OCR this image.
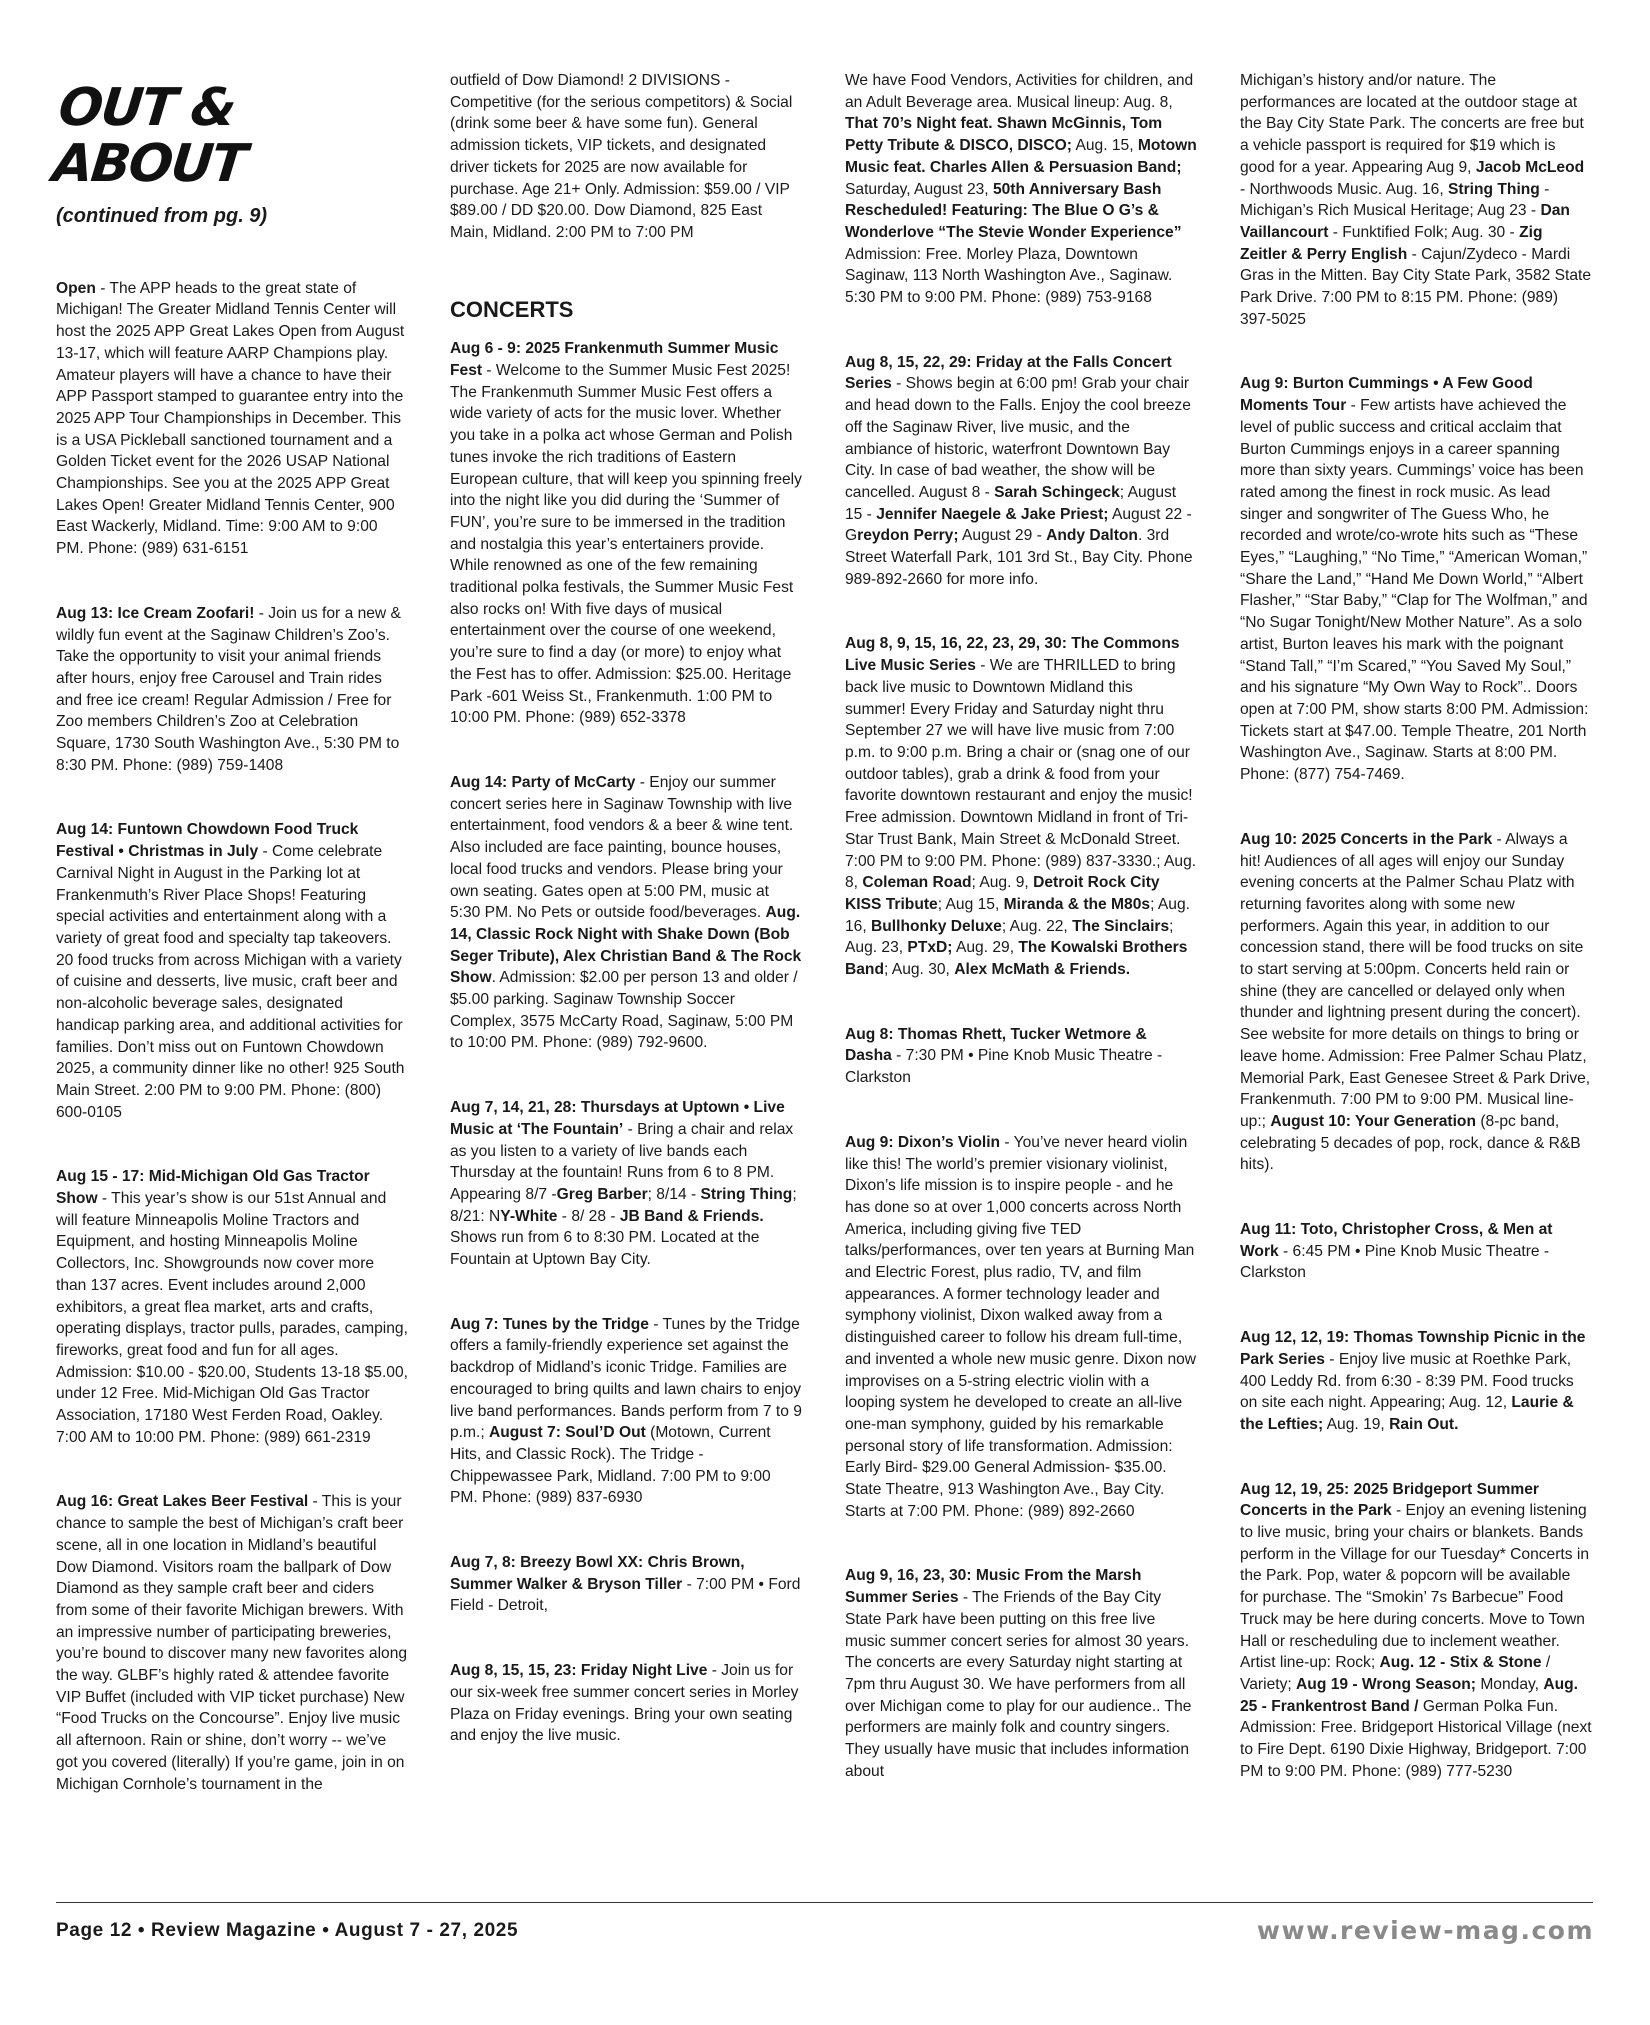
OUT & ABOUT
(continued from pg. 9)
Open - The APP heads to the great state of Michigan! The Greater Midland Tennis Center will host the 2025 APP Great Lakes Open from August 13-17, which will feature AARP Champions play. Amateur players will have a chance to have their APP Passport stamped to guarantee entry into the 2025 APP Tour Championships in December. This is a USA Pickleball sanctioned tournament and a Golden Ticket event for the 2026 USAP National Championships. See you at the 2025 APP Great Lakes Open! Greater Midland Tennis Center, 900 East Wackerly, Midland. Time: 9:00 AM to 9:00 PM. Phone: (989) 631-6151
Aug 13: Ice Cream Zoofari! - Join us for a new & wildly fun event at the Saginaw Children’s Zoo’s. Take the opportunity to visit your animal friends after hours, enjoy free Carousel and Train rides and free ice cream! Regular Admission / Free for Zoo members Children’s Zoo at Celebration Square, 1730 South Washington Ave., 5:30 PM to 8:30 PM. Phone: (989) 759-1408
Aug 14: Funtown Chowdown Food Truck Festival • Christmas in July - Come celebrate Carnival Night in August in the Parking lot at Frankenmuth’s River Place Shops! Featuring special activities and entertainment along with a variety of great food and specialty tap takeovers. 20 food trucks from across Michigan with a variety of cuisine and desserts, live music, craft beer and non-alcoholic beverage sales, designated handicap parking area, and additional activities for families. Don’t miss out on Funtown Chowdown 2025, a community dinner like no other! 925 South Main Street. 2:00 PM to 9:00 PM. Phone: (800) 600-0105
Aug 15 - 17: Mid-Michigan Old Gas Tractor Show - This year’s show is our 51st Annual and will feature Minneapolis Moline Tractors and Equipment, and hosting Minneapolis Moline Collectors, Inc. Showgrounds now cover more than 137 acres. Event includes around 2,000 exhibitors, a great flea market, arts and crafts, operating displays, tractor pulls, parades, camping, fireworks, great food and fun for all ages. Admission: $10.00 - $20.00, Students 13-18 $5.00, under 12 Free. Mid-Michigan Old Gas Tractor Association, 17180 West Ferden Road, Oakley. 7:00 AM to 10:00 PM. Phone: (989) 661-2319
Aug 16: Great Lakes Beer Festival - This is your chance to sample the best of Michigan’s craft beer scene, all in one location in Midland’s beautiful Dow Diamond. Visitors roam the ballpark of Dow Diamond as they sample craft beer and ciders from some of their favorite Michigan brewers. With an impressive number of participating breweries, you’re bound to discover many new favorites along the way. GLBF’s highly rated & attendee favorite VIP Buffet (included with VIP ticket purchase) New “Food Trucks on the Concourse”. Enjoy live music all afternoon. Rain or shine, don’t worry -- we’ve got you covered (literally) If you’re game, join in on Michigan Cornhole’s tournament in the
outfield of Dow Diamond! 2 DIVISIONS - Competitive (for the serious competitors) & Social (drink some beer & have some fun). General admission tickets, VIP tickets, and designated driver tickets for 2025 are now available for purchase. Age 21+ Only. Admission: $59.00 / VIP $89.00 / DD $20.00. Dow Diamond, 825 East Main, Midland. 2:00 PM to 7:00 PM
CONCERTS
Aug 6 - 9: 2025 Frankenmuth Summer Music Fest - Welcome to the Summer Music Fest 2025! The Frankenmuth Summer Music Fest offers a wide variety of acts for the music lover. Whether you take in a polka act whose German and Polish tunes invoke the rich traditions of Eastern European culture, that will keep you spinning freely into the night like you did during the ‘Summer of FUN’, you’re sure to be immersed in the tradition and nostalgia this year’s entertainers provide. While renowned as one of the few remaining traditional polka festivals, the Summer Music Fest also rocks on! With five days of musical entertainment over the course of one weekend, you’re sure to find a day (or more) to enjoy what the Fest has to offer. Admission: $25.00. Heritage Park -601 Weiss St., Frankenmuth. 1:00 PM to 10:00 PM. Phone: (989) 652-3378
Aug 14: Party of McCarty - Enjoy our summer concert series here in Saginaw Township with live entertainment, food vendors & a beer & wine tent. Also included are face painting, bounce houses, local food trucks and vendors. Please bring your own seating. Gates open at 5:00 PM, music at 5:30 PM. No Pets or outside food/beverages. Aug. 14, Classic Rock Night with Shake Down (Bob Seger Tribute), Alex Christian Band & The Rock Show. Admission: $2.00 per person 13 and older / $5.00 parking. Saginaw Township Soccer Complex, 3575 McCarty Road, Saginaw, 5:00 PM to 10:00 PM. Phone: (989) 792-9600.
Aug 7, 14, 21, 28: Thursdays at Uptown • Live Music at ‘The Fountain’ - Bring a chair and relax as you listen to a variety of live bands each Thursday at the fountain! Runs from 6 to 8 PM. Appearing 8/7 -Greg Barber; 8/14 - String Thing; 8/21: NY-White - 8/ 28 - JB Band & Friends. Shows run from 6 to 8:30 PM. Located at the Fountain at Uptown Bay City.
Aug 7: Tunes by the Tridge - Tunes by the Tridge offers a family-friendly experience set against the backdrop of Midland’s iconic Tridge. Families are encouraged to bring quilts and lawn chairs to enjoy live band performances. Bands perform from 7 to 9 p.m.; August 7: Soul’D Out (Motown, Current Hits, and Classic Rock). The Tridge - Chippewassee Park, Midland. 7:00 PM to 9:00 PM. Phone: (989) 837-6930
Aug 7, 8: Breezy Bowl XX: Chris Brown, Summer Walker & Bryson Tiller - 7:00 PM • Ford Field - Detroit,
Aug 8, 15, 15, 23: Friday Night Live - Join us for our six-week free summer concert series in Morley Plaza on Friday evenings. Bring your own seating and enjoy the live music.
We have Food Vendors, Activities for children, and an Adult Beverage area. Musical lineup: Aug. 8, That 70’s Night feat. Shawn McGinnis, Tom Petty Tribute & DISCO, DISCO; Aug. 15, Motown Music feat. Charles Allen & Persuasion Band; Saturday, August 23, 50th Anniversary Bash Rescheduled! Featuring: The Blue O G’s & Wonderlove “The Stevie Wonder Experience” Admission: Free. Morley Plaza, Downtown Saginaw, 113 North Washington Ave., Saginaw. 5:30 PM to 9:00 PM. Phone: (989) 753-9168
Aug 8, 15, 22, 29: Friday at the Falls Concert Series - Shows begin at 6:00 pm! Grab your chair and head down to the Falls. Enjoy the cool breeze off the Saginaw River, live music, and the ambiance of historic, waterfront Downtown Bay City. In case of bad weather, the show will be cancelled. August 8 - Sarah Schingeck; August 15 - Jennifer Naegele & Jake Priest; August 22 - Greydon Perry; August 29 - Andy Dalton. 3rd Street Waterfall Park, 101 3rd St., Bay City. Phone 989-892-2660 for more info.
Aug 8, 9, 15, 16, 22, 23, 29, 30: The Commons Live Music Series - We are THRILLED to bring back live music to Downtown Midland this summer! Every Friday and Saturday night thru September 27 we will have live music from 7:00 p.m. to 9:00 p.m. Bring a chair or (snag one of our outdoor tables), grab a drink & food from your favorite downtown restaurant and enjoy the music! Free admission. Downtown Midland in front of Tri-Star Trust Bank, Main Street & McDonald Street. 7:00 PM to 9:00 PM. Phone: (989) 837-3330.; Aug. 8, Coleman Road; Aug. 9, Detroit Rock City KISS Tribute; Aug 15, Miranda & the M80s; Aug. 16, Bullhonky Deluxe; Aug. 22, The Sinclairs; Aug. 23, PTxD; Aug. 29, The Kowalski Brothers Band; Aug. 30, Alex McMath & Friends.
Aug 8: Thomas Rhett, Tucker Wetmore & Dasha - 7:30 PM • Pine Knob Music Theatre - Clarkston
Aug 9: Dixon’s Violin - You’ve never heard violin like this! The world’s premier visionary violinist, Dixon’s life mission is to inspire people - and he has done so at over 1,000 concerts across North America, including giving five TED talks/performances, over ten years at Burning Man and Electric Forest, plus radio, TV, and film appearances. A former technology leader and symphony violinist, Dixon walked away from a distinguished career to follow his dream full-time, and invented a whole new music genre. Dixon now improvises on a 5-string electric violin with a looping system he developed to create an all-live one-man symphony, guided by his remarkable personal story of life transformation. Admission: Early Bird- $29.00 General Admission- $35.00. State Theatre, 913 Washington Ave., Bay City. Starts at 7:00 PM. Phone: (989) 892-2660
Aug 9, 16, 23, 30: Music From the Marsh Summer Series - The Friends of the Bay City State Park have been putting on this free live music summer concert series for almost 30 years. The concerts are every Saturday night starting at 7pm thru August 30. We have performers from all over Michigan come to play for our audience.. The performers are mainly folk and country singers. They usually have music that includes information about
Michigan’s history and/or nature. The performances are located at the outdoor stage at the Bay City State Park. The concerts are free but a vehicle passport is required for $19 which is good for a year. Appearing Aug 9, Jacob McLeod - Northwoods Music. Aug. 16, String Thing - Michigan’s Rich Musical Heritage; Aug 23 - Dan Vaillancourt - Funktified Folk; Aug. 30 - Zig Zeitler & Perry English - Cajun/Zydeco - Mardi Gras in the Mitten. Bay City State Park, 3582 State Park Drive. 7:00 PM to 8:15 PM. Phone: (989) 397-5025
Aug 9: Burton Cummings • A Few Good Moments Tour - Few artists have achieved the level of public success and critical acclaim that Burton Cummings enjoys in a career spanning more than sixty years. Cummings’ voice has been rated among the finest in rock music. As lead singer and songwriter of The Guess Who, he recorded and wrote/co-wrote hits such as “These Eyes,” “Laughing,” “No Time,” “American Woman,” “Share the Land,” “Hand Me Down World,” “Albert Flasher,” “Star Baby,” “Clap for The Wolfman,” and “No Sugar Tonight/New Mother Nature”. As a solo artist, Burton leaves his mark with the poignant “Stand Tall,” “I’m Scared,” “You Saved My Soul,” and his signature “My Own Way to Rock”.. Doors open at 7:00 PM, show starts 8:00 PM. Admission: Tickets start at $47.00. Temple Theatre, 201 North Washington Ave., Saginaw. Starts at 8:00 PM. Phone: (877) 754-7469.
Aug 10: 2025 Concerts in the Park - Always a hit! Audiences of all ages will enjoy our Sunday evening concerts at the Palmer Schau Platz with returning favorites along with some new performers. Again this year, in addition to our concession stand, there will be food trucks on site to start serving at 5:00pm. Concerts held rain or shine (they are cancelled or delayed only when thunder and lightning present during the concert). See website for more details on things to bring or leave home. Admission: Free Palmer Schau Platz, Memorial Park, East Genesee Street & Park Drive, Frankenmuth. 7:00 PM to 9:00 PM. Musical line-up:; August 10: Your Generation (8-pc band, celebrating 5 decades of pop, rock, dance & R&B hits).
Aug 11: Toto, Christopher Cross, & Men at Work - 6:45 PM • Pine Knob Music Theatre - Clarkston
Aug 12, 12, 19: Thomas Township Picnic in the Park Series - Enjoy live music at Roethke Park, 400 Leddy Rd. from 6:30 - 8:39 PM. Food trucks on site each night. Appearing; Aug. 12, Laurie & the Lefties; Aug. 19, Rain Out.
Aug 12, 19, 25: 2025 Bridgeport Summer Concerts in the Park - Enjoy an evening listening to live music, bring your chairs or blankets. Bands perform in the Village for our Tuesday* Concerts in the Park. Pop, water & popcorn will be available for purchase. The “Smokin’ 7s Barbecue” Food Truck may be here during concerts. Move to Town Hall or rescheduling due to inclement weather. Artist line-up: Rock; Aug. 12 - Stix & Stone / Variety; Aug 19 - Wrong Season; Monday, Aug. 25 - Frankentrost Band / German Polka Fun. Admission: Free. Bridgeport Historical Village (next to Fire Dept. 6190 Dixie Highway, Bridgeport. 7:00 PM to 9:00 PM. Phone: (989) 777-5230
Page 12 • Review Magazine • August 7 - 27, 2025	www.review-mag.com
